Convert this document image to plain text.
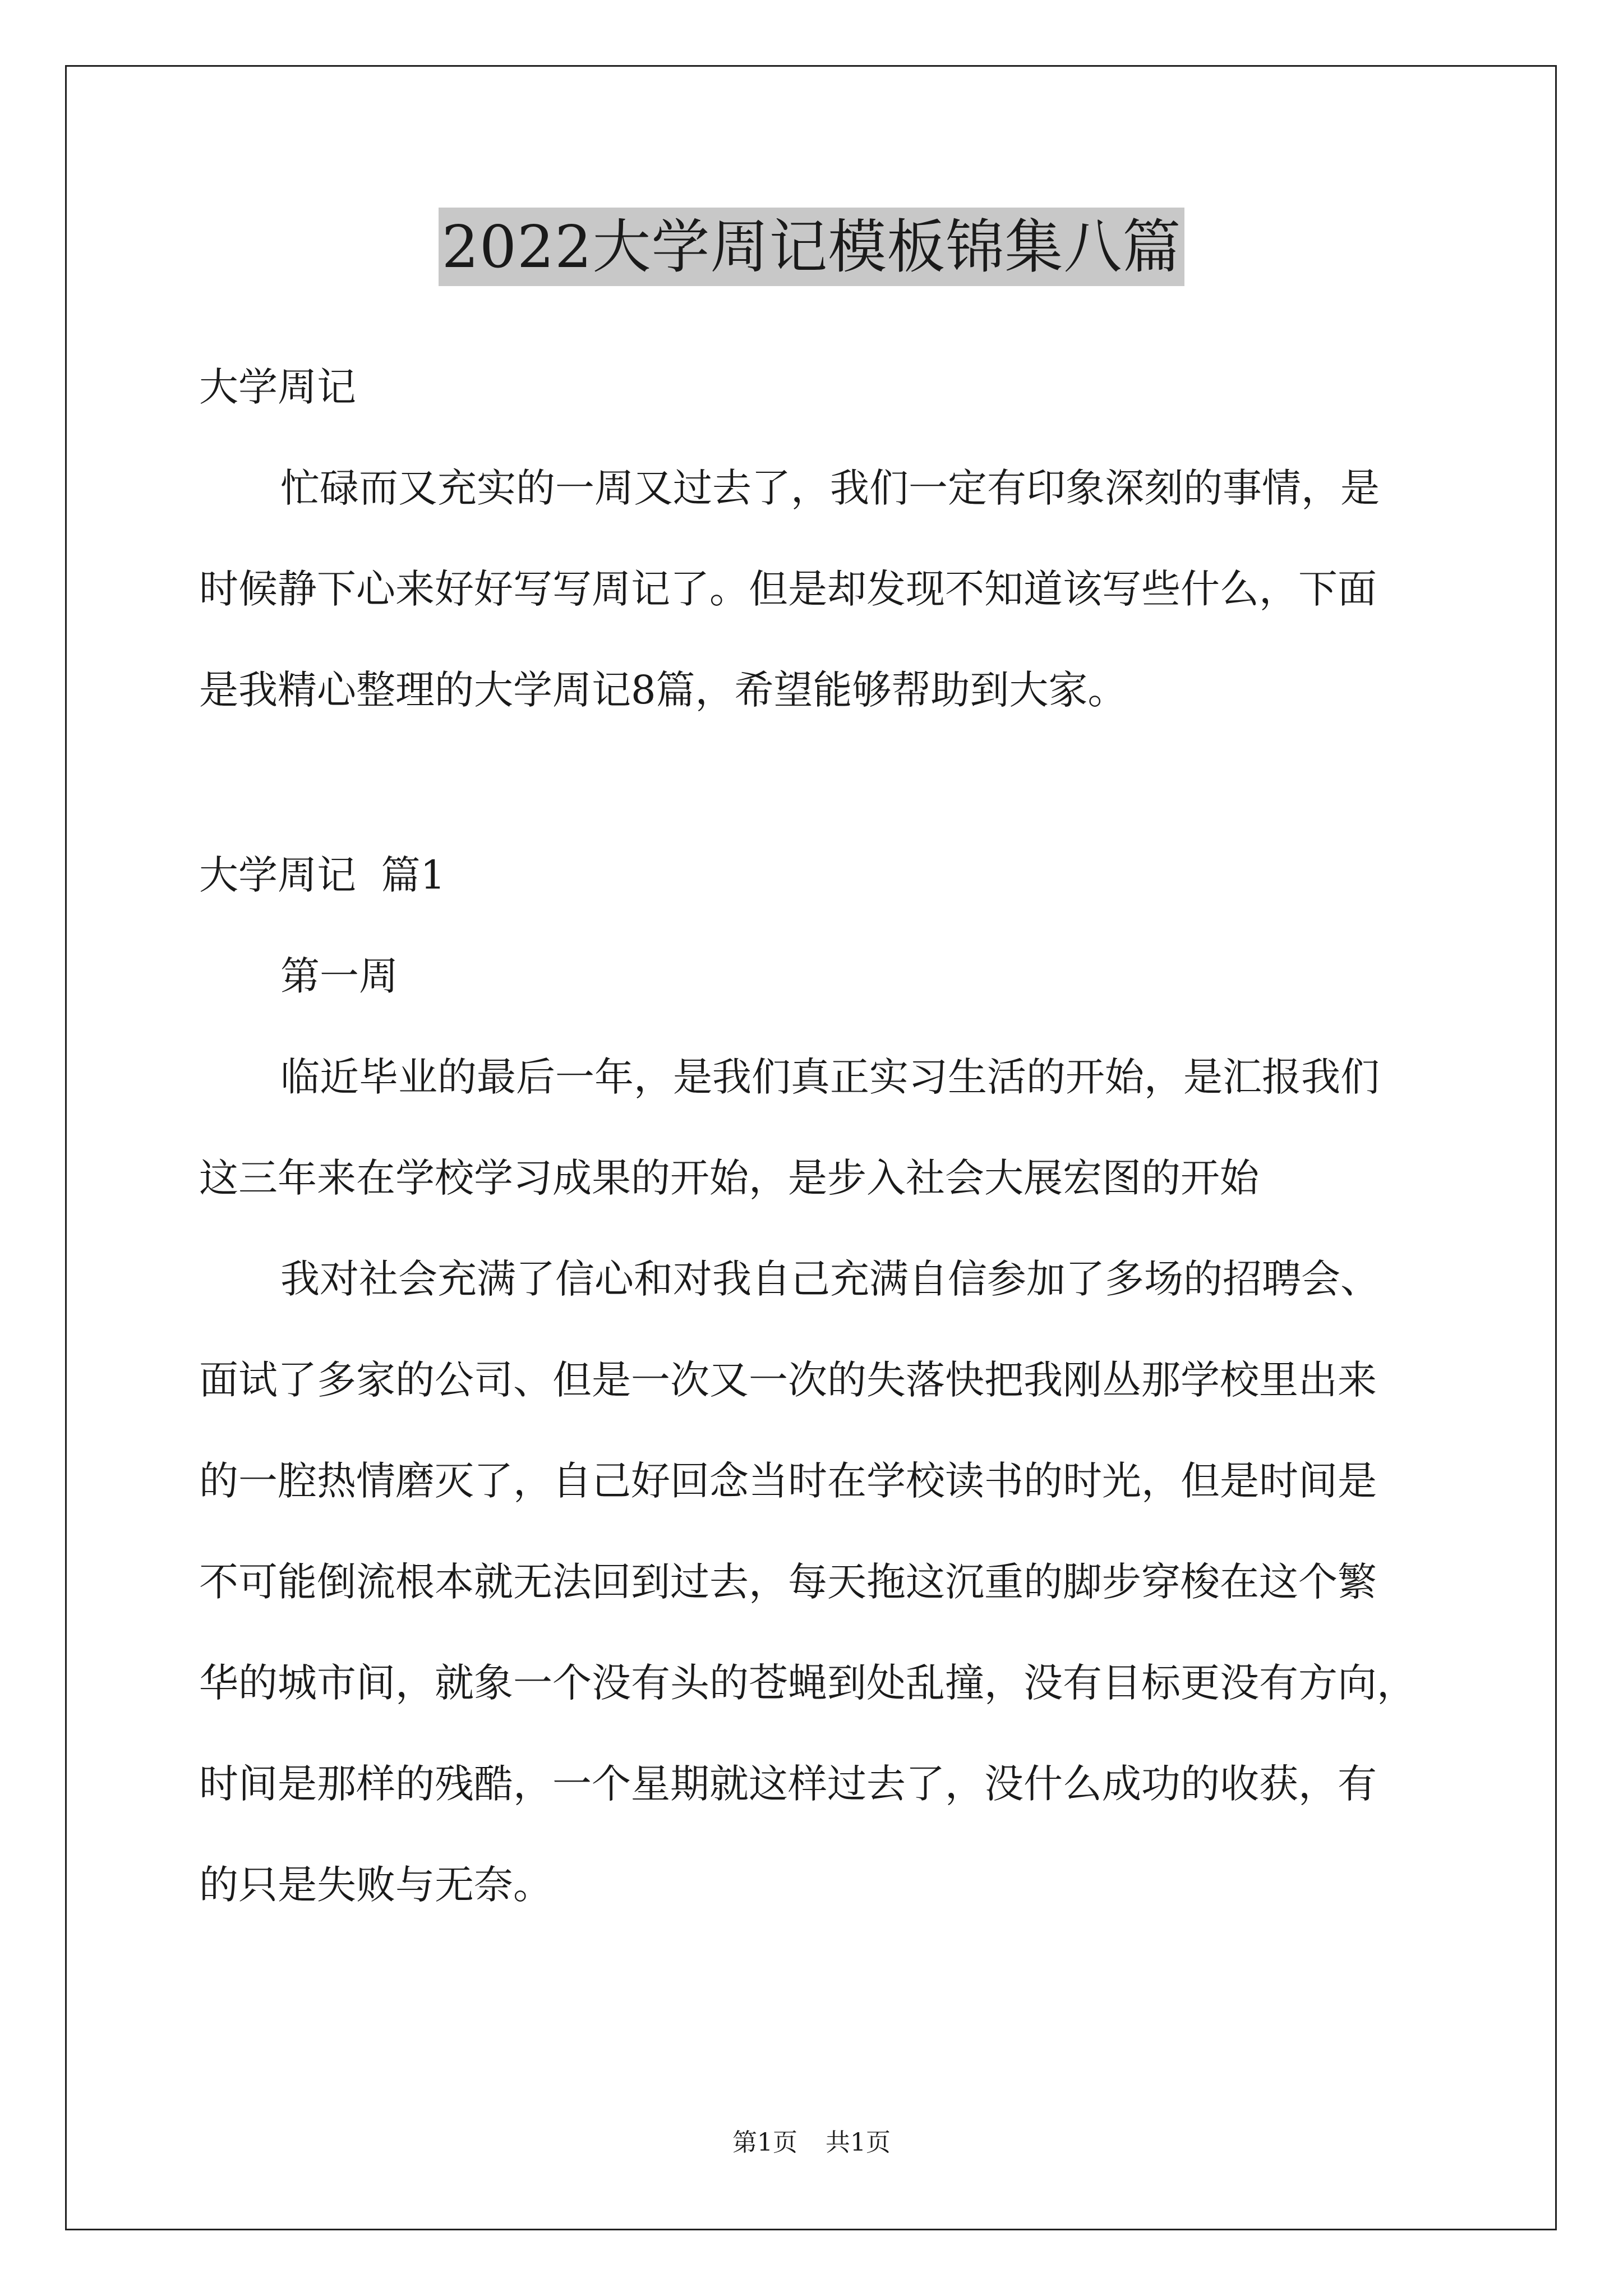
2022大学周记模板锦集八篇

大学周记

忙碌而又充实的一周又过去了，我们一定有印象深刻的事情，是

时候静下心来好好写写周记了。但是却发现不知道该写些什么，下面

是我精心整理的大学周记8篇，希望能够帮助到大家。

大学周记  篇1

第一周

临近毕业的最后一年，是我们真正实习生活的开始，是汇报我们

这三年来在学校学习成果的开始，是步入社会大展宏图的开始

我对社会充满了信心和对我自己充满自信参加了多场的招聘会、

面试了多家的公司、但是一次又一次的失落快把我刚丛那学校里出来

的一腔热情磨灭了，自己好回念当时在学校读书的时光，但是时间是

不可能倒流根本就无法回到过去，每天拖这沉重的脚步穿梭在这个繁

华的城市间，就象一个没有头的苍蝇到处乱撞，没有目标更没有方向，

时间是那样的残酷，一个星期就这样过去了，没什么成功的收获，有

的只是失败与无奈。

第1页 共1页
